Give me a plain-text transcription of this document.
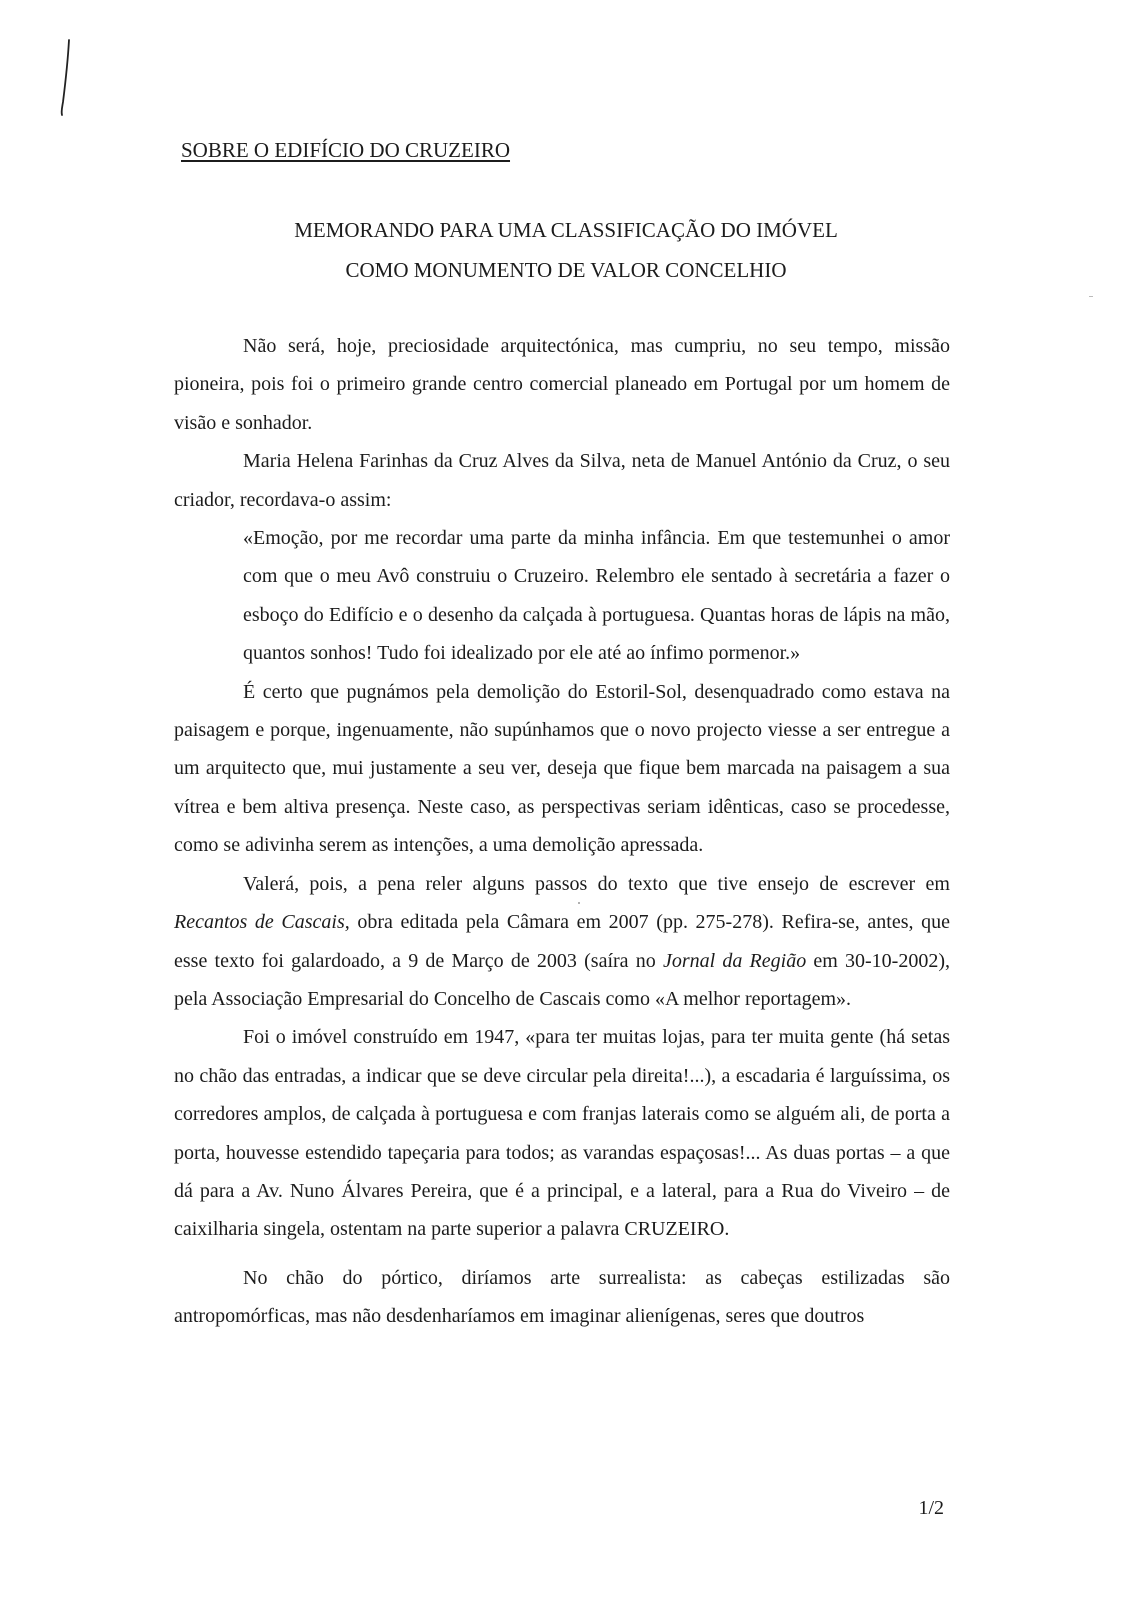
SOBRE O EDIFÍCIO DO CRUZEIRO
MEMORANDO PARA UMA CLASSIFICAÇÃO DO IMÓVEL
COMO MONUMENTO DE VALOR CONCELHIO

Não será, hoje, preciosidade arquitectónica, mas cumpriu, no seu tempo, missão pioneira, pois foi o primeiro grande centro comercial planeado em Portugal por um homem de visão e sonhador.

Maria Helena Farinhas da Cruz Alves da Silva, neta de Manuel António da Cruz, o seu criador, recordava-o assim:

«Emoção, por me recordar uma parte da minha infância. Em que testemunhei o amor com que o meu Avô construiu o Cruzeiro. Relembro ele sentado à secretária a fazer o esboço do Edifício e o desenho da calçada à portuguesa. Quantas horas de lápis na mão, quantos sonhos! Tudo foi idealizado por ele até ao ínfimo pormenor.»

É certo que pugnámos pela demolição do Estoril-Sol, desenquadrado como estava na paisagem e porque, ingenuamente, não supúnhamos que o novo projecto viesse a ser entregue a um arquitecto que, mui justamente a seu ver, deseja que fique bem marcada na paisagem a sua vítrea e bem altiva presença. Neste caso, as perspectivas seriam idênticas, caso se procedesse, como se adivinha serem as intenções, a uma demolição apressada.

Valerá, pois, a pena reler alguns passos do texto que tive ensejo de escrever em Recantos de Cascais, obra editada pela Câmara em 2007 (pp. 275-278). Refira-se, antes, que esse texto foi galardoado, a 9 de Março de 2003 (saíra no Jornal da Região em 30-10-2002), pela Associação Empresarial do Concelho de Cascais como «A melhor reportagem».

Foi o imóvel construído em 1947, «para ter muitas lojas, para ter muita gente (há setas no chão das entradas, a indicar que se deve circular pela direita!...), a escadaria é larguíssima, os corredores amplos, de calçada à portuguesa e com franjas laterais como se alguém ali, de porta a porta, houvesse estendido tapeçaria para todos; as varandas espaçosas!... As duas portas – a que dá para a Av. Nuno Álvares Pereira, que é a principal, e a lateral, para a Rua do Viveiro – de caixilharia singela, ostentam na parte superior a palavra CRUZEIRO.

No chão do pórtico, diríamos arte surrealista: as cabeças estilizadas são antropomórficas, mas não desdenharíamos em imaginar alienígenas, seres que doutros

1/2
